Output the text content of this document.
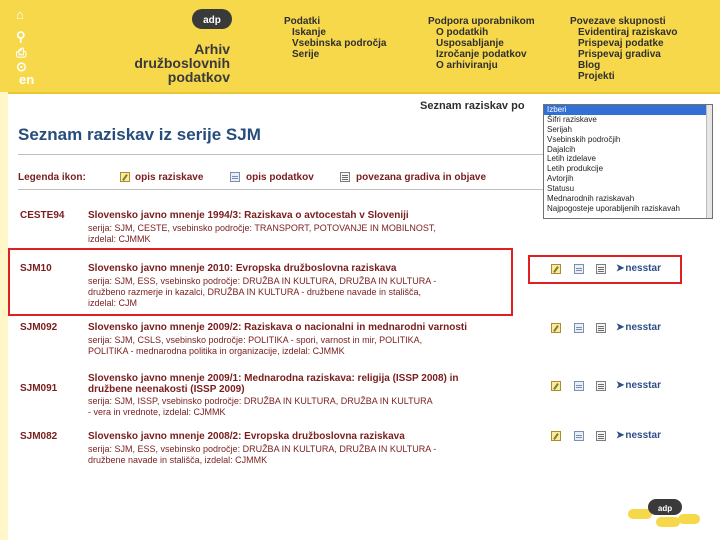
⌂
⚲
⎙
⊙
en
adp
Arhiv
družboslovnih
podatkov
Podatki
Iskanje
Vsebinska področja
Serije
Podpora uporabnikom
O podatkih
Usposabljanje
Izročanje podatkov
O arhiviranju
Povezave skupnosti
Evidentiraj raziskavo
Prispevaj podatke
Prispevaj gradiva
Blog
Projekti
Seznam raziskav po
Seznam raziskav iz serije SJM
Legenda ikon:	opis raziskave	opis podatkov	povezana gradiva in objave
CESTE94 Slovensko javno mnenje 1994/3: Raziskava o avtocestah v Sloveniji
serija: SJM, CESTE, vsebinsko področje: TRANSPORT, POTOVANJE IN MOBILNOST,
izdelal: CJMMK
SJM10	Slovensko javno mnenje 2010: Evropska družboslovna raziskava
serija: SJM, ESS, vsebinsko področje: DRUŽBA IN KULTURA, DRUŽBA IN KULTURA -
družbeno razmerje in kazalci, DRUŽBA IN KULTURA - družbene navade in stališča,
izdelal: CJM
➤nesstar
SJM092	Slovensko javno mnenje 2009/2: Raziskava o nacionalni in mednarodni varnosti
serija: SJM, CSLS, vsebinsko področje: POLITIKA - spori, varnost in mir, POLITIKA,
POLITIKA - mednarodna politika in organizacije, izdelal: CJMMK
➤nesstar
SJM091
Slovensko javno mnenje 2009/1: Mednarodna raziskava: religija (ISSP 2008) in
družbene neenakosti (ISSP 2009)
serija: SJM, ISSP, vsebinsko področje: DRUŽBA IN KULTURA, DRUŽBA IN KULTURA
- vera in vrednote, izdelal: CJMMK
➤nesstar
SJM082	Slovensko javno mnenje 2008/2: Evropska družboslovna raziskava
serija: SJM, ESS, vsebinsko področje: DRUŽBA IN KULTURA, DRUŽBA IN KULTURA -
družbene navade in stališča, izdelal: CJMMK
➤nesstar
Izberi
Šifri raziskave
Serijah
Vsebinskih področjih
Dajalcih
Letih izdelave
Letih produkcije
Avtorjih
Statusu
Mednarodnih raziskavah
Najpogosteje uporabljenih raziskavah
adp
